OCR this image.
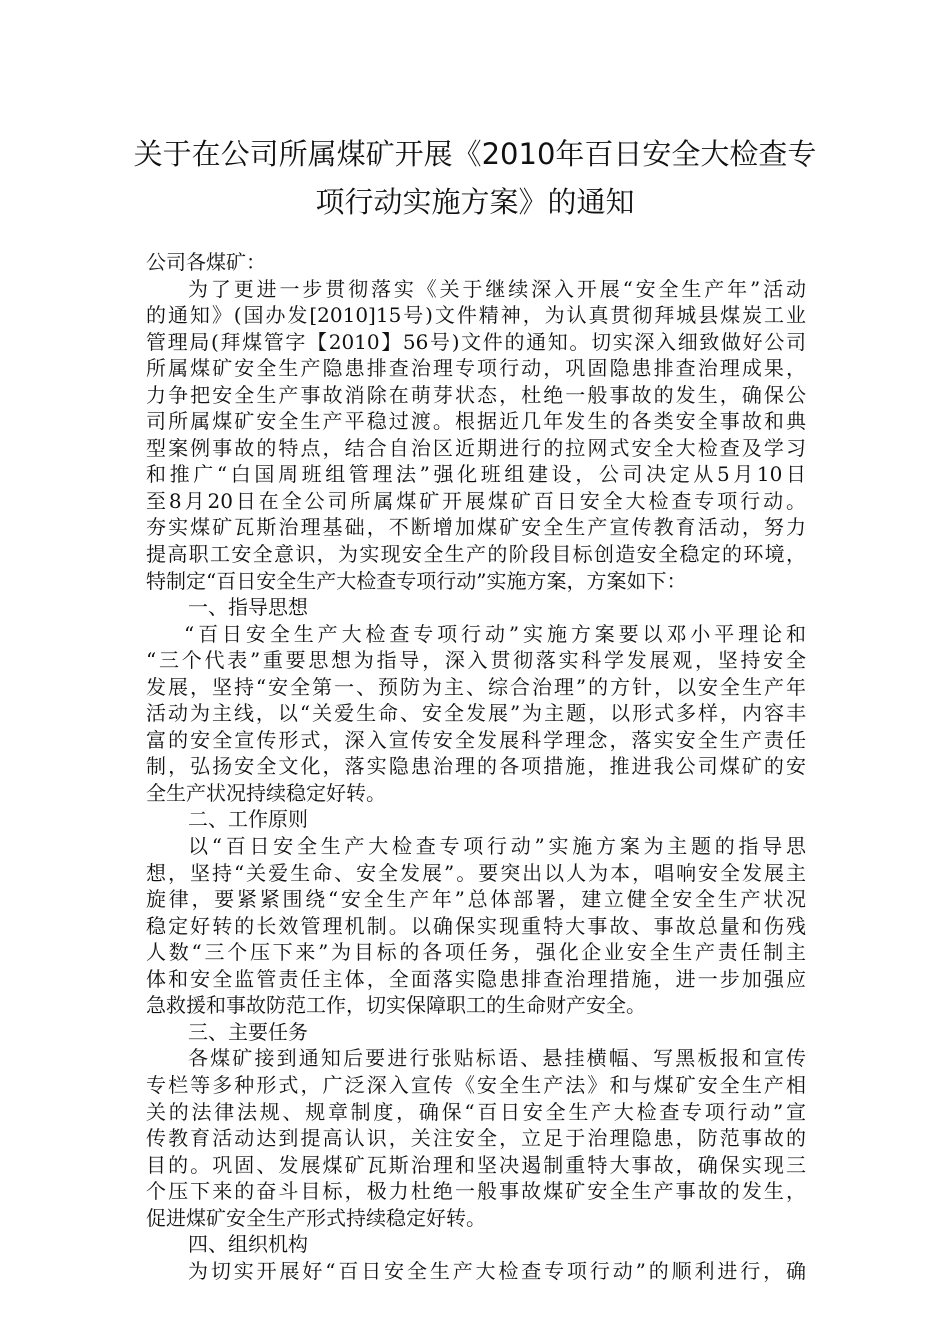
关于在公司所属煤矿开展《2010年百日安全大检查专
项行动实施方案》的通知
公司各煤矿：
为了更进一步贯彻落实《关于继续深入开展“安全生产年”活动
的通知》(国办发[2010]15号)文件精神，为认真贯彻拜城县煤炭工业
管理局(拜煤管字【2010】56号)文件的通知。切实深入细致做好公司
所属煤矿安全生产隐患排查治理专项行动，巩固隐患排查治理成果，
力争把安全生产事故消除在萌芽状态，杜绝一般事故的发生，确保公
司所属煤矿安全生产平稳过渡。根据近几年发生的各类安全事故和典
型案例事故的特点，结合自治区近期进行的拉网式安全大检查及学习
和推广“白国周班组管理法”强化班组建设，公司决定从5月10日
至8月20日在全公司所属煤矿开展煤矿百日安全大检查专项行动。
夯实煤矿瓦斯治理基础，不断增加煤矿安全生产宣传教育活动，努力
提高职工安全意识，为实现安全生产的阶段目标创造安全稳定的环境，
特制定“百日安全生产大检查专项行动”实施方案，方案如下：
一、指导思想
“百日安全生产大检查专项行动”实施方案要以邓小平理论和
“三个代表”重要思想为指导，深入贯彻落实科学发展观，坚持安全
发展，坚持“安全第一、预防为主、综合治理”的方针，以安全生产年
活动为主线，以“关爱生命、安全发展”为主题，以形式多样，内容丰
富的安全宣传形式，深入宣传安全发展科学理念，落实安全生产责任
制，弘扬安全文化，落实隐患治理的各项措施，推进我公司煤矿的安
全生产状况持续稳定好转。
二、工作原则
以“百日安全生产大检查专项行动”实施方案为主题的指导思
想，坚持“关爱生命、安全发展”。要突出以人为本，唱响安全发展主
旋律，要紧紧围绕“安全生产年”总体部署，建立健全安全生产状况
稳定好转的长效管理机制。以确保实现重特大事故、事故总量和伤残
人数“三个压下来”为目标的各项任务，强化企业安全生产责任制主
体和安全监管责任主体，全面落实隐患排查治理措施，进一步加强应
急救援和事故防范工作，切实保障职工的生命财产安全。
三、主要任务
各煤矿接到通知后要进行张贴标语、悬挂横幅、写黑板报和宣传
专栏等多种形式，广泛深入宣传《安全生产法》和与煤矿安全生产相
关的法律法规、规章制度，确保“百日安全生产大检查专项行动”宣
传教育活动达到提高认识，关注安全，立足于治理隐患，防范事故的
目的。巩固、发展煤矿瓦斯治理和坚决遏制重特大事故，确保实现三
个压下来的奋斗目标，极力杜绝一般事故煤矿安全生产事故的发生，
促进煤矿安全生产形式持续稳定好转。
四、组织机构
为切实开展好“百日安全生产大检查专项行动”的顺利进行，确
